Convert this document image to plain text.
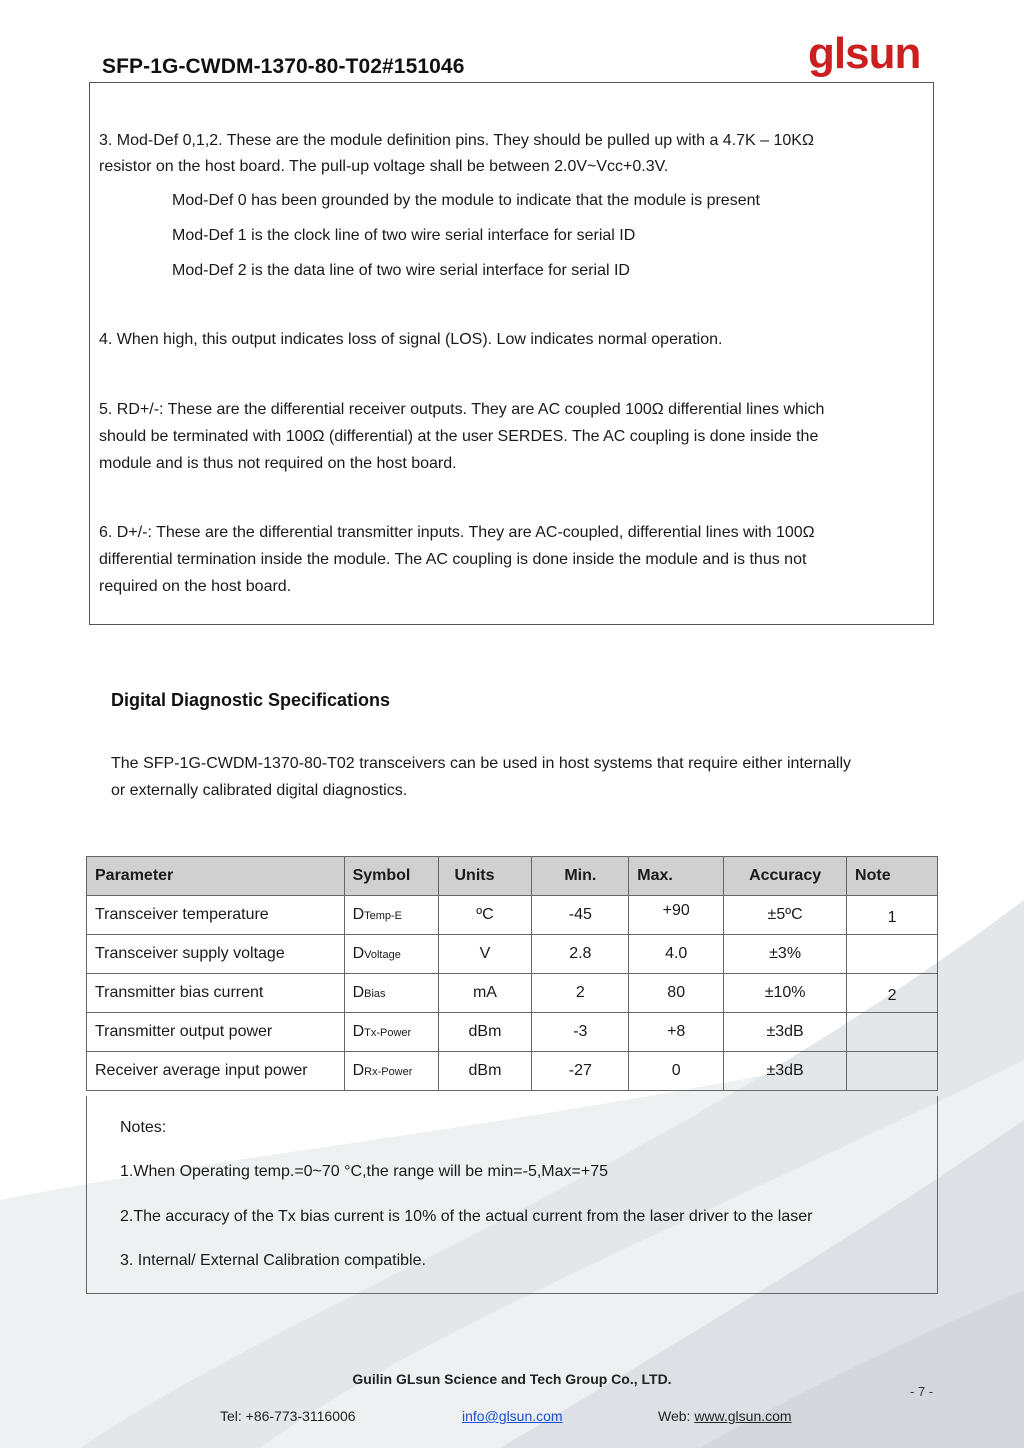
SFP-1G-CWDM-1370-80-T02#151046	glsun
3. Mod-Def 0,1,2. These are the module definition pins. They should be pulled up with a 4.7K – 10KΩ
resistor on the host board. The pull-up voltage shall be between 2.0V~Vcc+0.3V.
Mod-Def 0 has been grounded by the module to indicate that the module is present
Mod-Def 1 is the clock line of two wire serial interface for serial ID
Mod-Def 2 is the data line of two wire serial interface for serial ID
4. When high, this output indicates loss of signal (LOS). Low indicates normal operation.
5. RD+/-: These are the differential receiver outputs. They are AC coupled 100Ω differential lines which
should be terminated with 100Ω (differential) at the user SERDES. The AC coupling is done inside the
module and is thus not required on the host board.
6. D+/-: These are the differential transmitter inputs. They are AC-coupled, differential lines with 100Ω
differential termination inside the module. The AC coupling is done inside the module and is thus not
required on the host board.
Digital Diagnostic Specifications
The SFP-1G-CWDM-1370-80-T02 transceivers can be used in host systems that require either internally or externally calibrated digital diagnostics.
Parameter	Symbol	Units	Min.	Max.	Accuracy	Note
Transceiver temperature	DTemp-E	ºC	-45	+90	±5ºC	1
Transceiver supply voltage	DVoltage	V	2.8	4.0	±3%	
Transmitter bias current	DBias	mA	2	80	±10%	2
Transmitter output power	DTx-Power	dBm	-3	+8	±3dB	
Receiver average input power	DRx-Power	dBm	-27	0	±3dB	
Notes:
1.When Operating temp.=0~70 °C,the range will be min=-5,Max=+75
2.The accuracy of the Tx bias current is 10% of the actual current from the laser driver to the laser
3. Internal/ External Calibration compatible.
Guilin GLsun Science and Tech Group Co., LTD.
- 7 -
Tel: +86-773-3116006	info@glsun.com	Web: www.glsun.com
